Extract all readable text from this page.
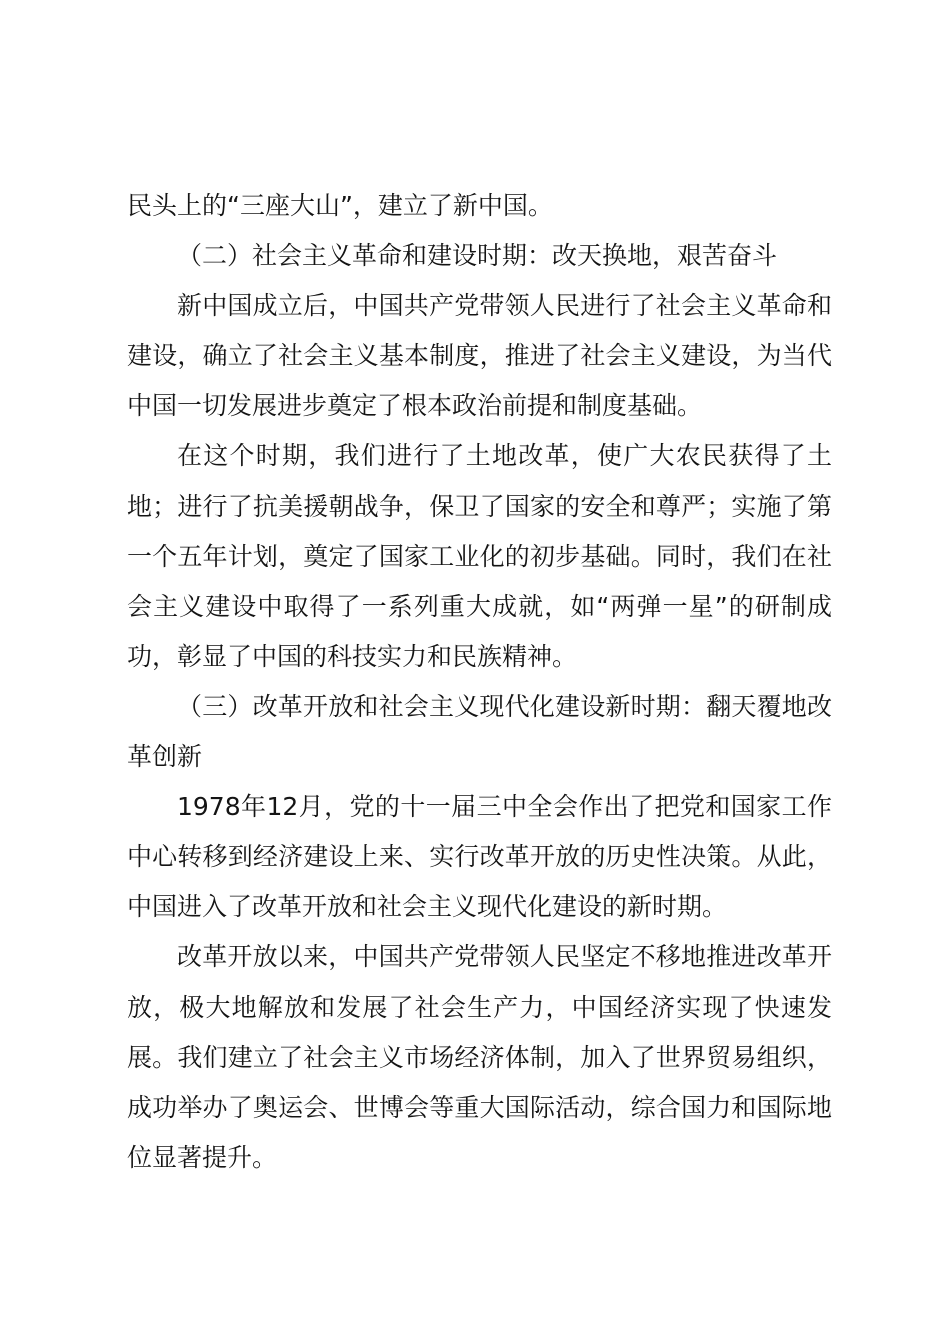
民头上的“三座大山”，建立了新中国。

（二）社会主义革命和建设时期：改天换地，艰苦奋斗

新中国成立后，中国共产党带领人民进行了社会主义革命和建设，确立了社会主义基本制度，推进了社会主义建设，为当代中国一切发展进步奠定了根本政治前提和制度基础。

在这个时期，我们进行了土地改革，使广大农民获得了土地；进行了抗美援朝战争，保卫了国家的安全和尊严；实施了第一个五年计划，奠定了国家工业化的初步基础。同时，我们在社会主义建设中取得了一系列重大成就，如“两弹一星”的研制成功，彰显了中国的科技实力和民族精神。

（三）改革开放和社会主义现代化建设新时期：翻天覆地改革创新

1978年12月，党的十一届三中全会作出了把党和国家工作中心转移到经济建设上来、实行改革开放的历史性决策。从此，中国进入了改革开放和社会主义现代化建设的新时期。

改革开放以来，中国共产党带领人民坚定不移地推进改革开放，极大地解放和发展了社会生产力，中国经济实现了快速发展。我们建立了社会主义市场经济体制，加入了世界贸易组织，成功举办了奥运会、世博会等重大国际活动，综合国力和国际地位显著提升。
